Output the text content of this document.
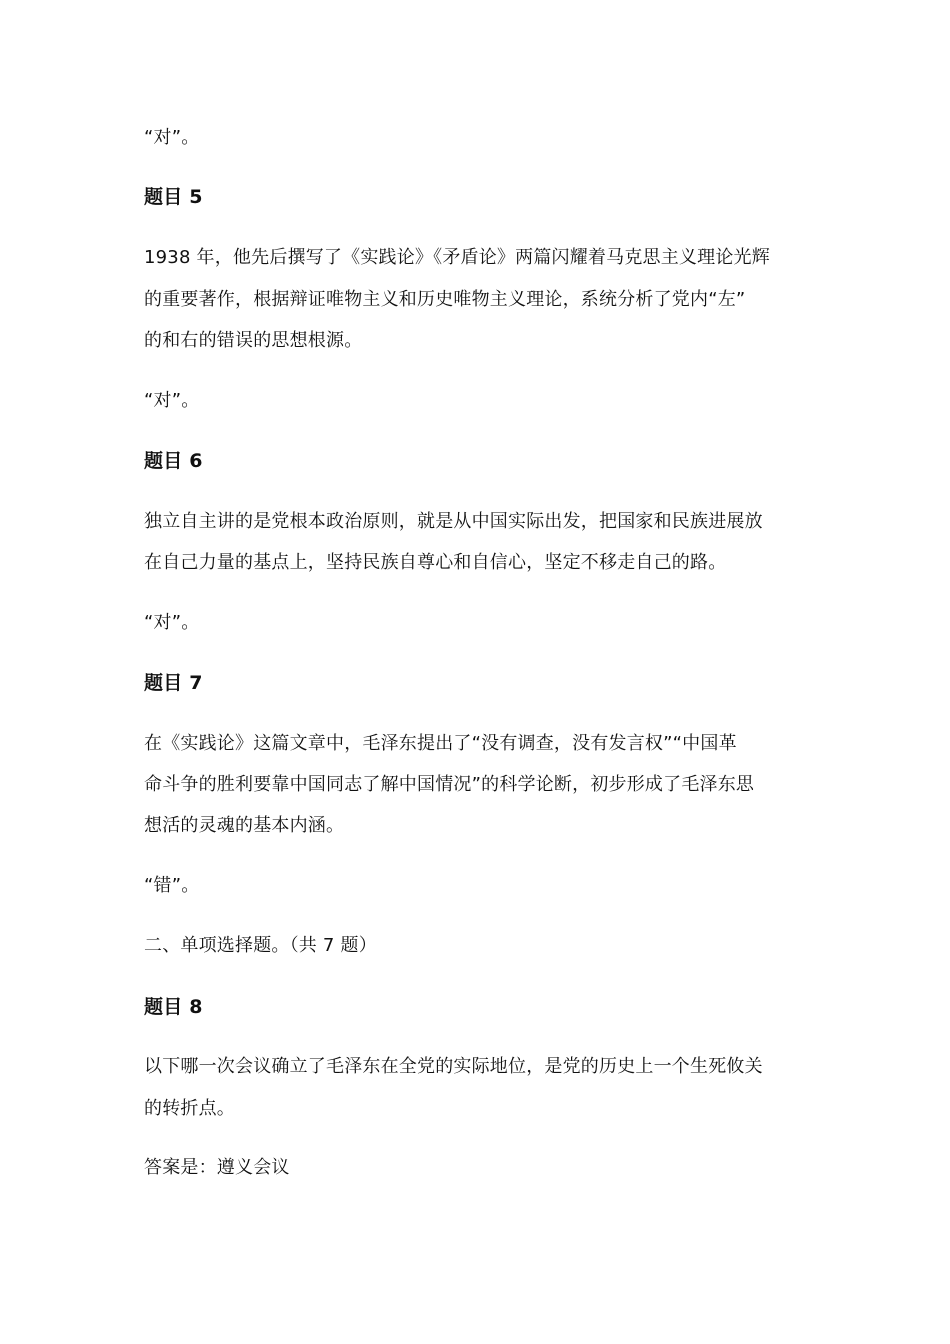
“对”。
题目 5
1938 年，他先后撰写了《实践论》《矛盾论》两篇闪耀着马克思主义理论光辉
的重要著作，根据辩证唯物主义和历史唯物主义理论，系统分析了党内“左”
的和右的错误的思想根源。
“对”。
题目 6
独立自主讲的是党根本政治原则，就是从中国实际出发，把国家和民族进展放
在自己力量的基点上，坚持民族自尊心和自信心，坚定不移走自己的路。
“对”。
题目 7
在《实践论》这篇文章中，毛泽东提出了“没有调查，没有发言权”“中国革
命斗争的胜利要靠中国同志了解中国情况”的科学论断，初步形成了毛泽东思
想活的灵魂的基本内涵。
“错”。
二、单项选择题。（共 7 题）
题目 8
以下哪一次会议确立了毛泽东在全党的实际地位，是党的历史上一个生死攸关
的转折点。
答案是：遵义会议
